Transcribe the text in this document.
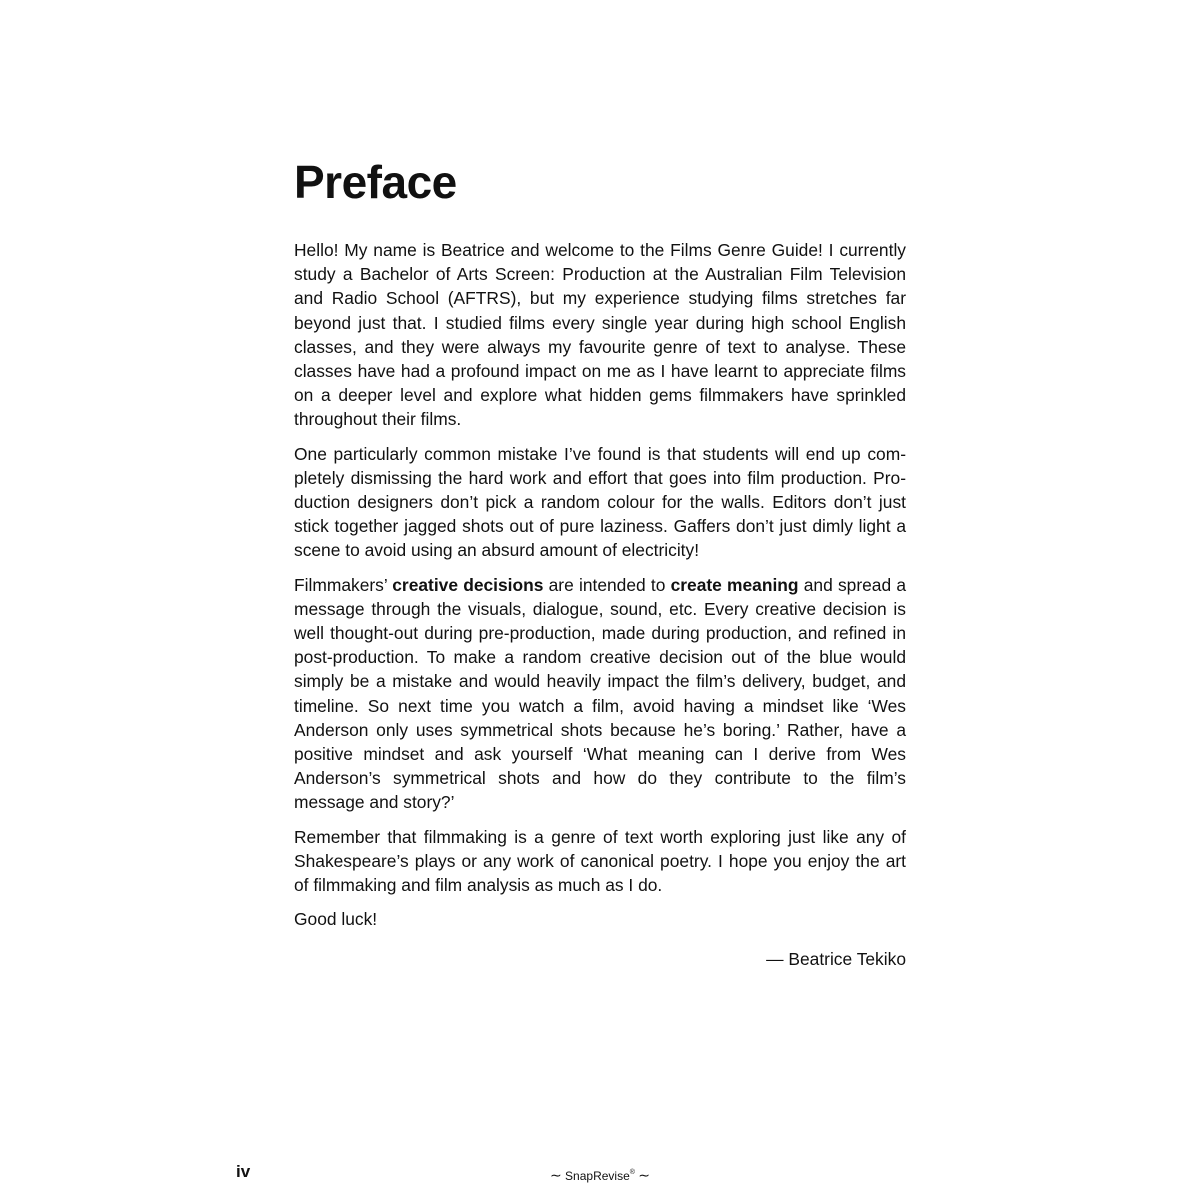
Preface

Hello! My name is Beatrice and welcome to the Films Genre Guide! I currently study a Bachelor of Arts Screen: Production at the Australian Film Television and Radio School (AFTRS), but my experience studying films stretches far beyond just that. I studied films every single year during high school English classes, and they were always my favourite genre of text to analyse. These classes have had a profound impact on me as I have learnt to appreciate films on a deeper level and explore what hidden gems filmmakers have sprinkled throughout their films.

One particularly common mistake I’ve found is that students will end up completely dismissing the hard work and effort that goes into film production. Production designers don’t pick a random colour for the walls. Editors don’t just stick together jagged shots out of pure laziness. Gaffers don’t just dimly light a scene to avoid using an absurd amount of electricity!

Filmmakers’ creative decisions are intended to create meaning and spread a message through the visuals, dialogue, sound, etc. Every creative decision is well thought-out during pre-production, made during production, and refined in post-production. To make a random creative decision out of the blue would simply be a mistake and would heavily impact the film’s delivery, budget, and timeline. So next time you watch a film, avoid having a mindset like ‘Wes Anderson only uses symmetrical shots because he’s boring.’ Rather, have a positive mindset and ask yourself ‘What meaning can I derive from Wes Anderson’s symmetrical shots and how do they contribute to the film’s message and story?’

Remember that filmmaking is a genre of text worth exploring just like any of Shakespeare’s plays or any work of canonical poetry. I hope you enjoy the art of filmmaking and film analysis as much as I do.

Good luck!

— Beatrice Tekiko
iv	∼ SnapRevise® ∼
